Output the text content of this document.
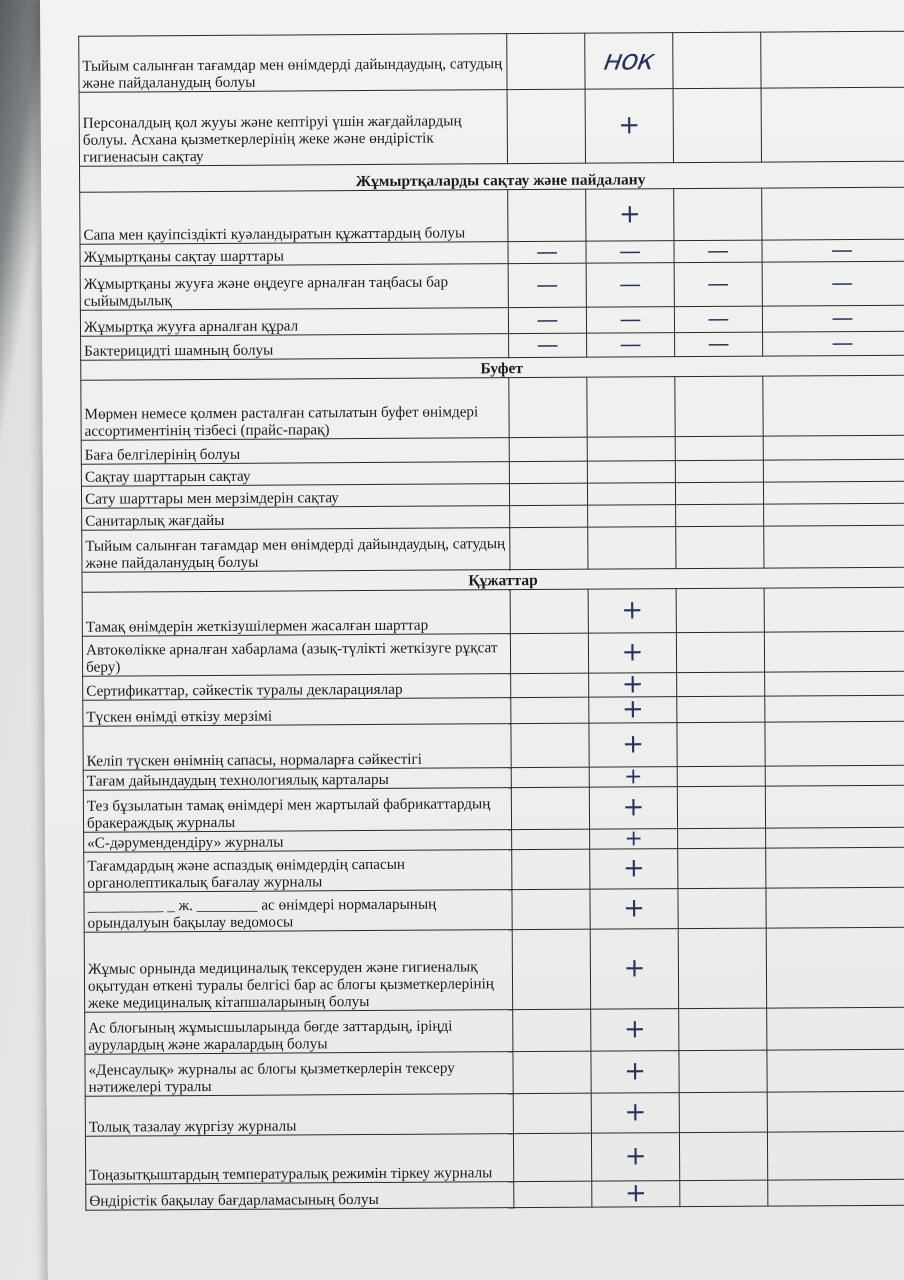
Тыйым салынған тағамдар мен өнімдерді дайындаудың, сатудың және пайдаланудың болуы		нок			
Персоналдың қол жууы және кептіруі үшін жағдайлардың болуы. Асхана қызметкерлерінің жеке және өндірістік гигиенасын сақтау		+			
Жұмыртқаларды сақтау және пайдалану					
Сапа мен қауіпсіздікті куәландыратын құжаттардың болуы		+			
Жұмыртқаны сақтау шарттары	—	—	—	—	
Жұмыртқаны жууға және өңдеуге арналған таңбасы бар сыйымдылық	—	—	—	—	
Жұмыртқа жууға арналған құрал	—	—	—	—	
Бактерицидті шамның болуы	—	—	—	—	
Буфет					
Мөрмен немесе қолмен расталған сатылатын буфет өнімдері ассортиментінің тізбесі (прайс-парақ)					
Баға белгілерінің болуы					
Сақтау шарттарын сақтау					
Сату шарттары мен мерзімдерін сақтау					
Санитарлық жағдайы					
Тыйым салынған тағамдар мен өнімдерді дайындаудың, сатудың және пайдаланудың болуы					
Құжаттар					
Тамақ өнімдерін жеткізушілермен жасалған шарттар		+			
Автокөлікке арналған хабарлама (азық-түлікті жеткізуге рұқсат беру)		+			
Сертификаттар, сәйкестік туралы декларациялар		+			
Түскен өнімді өткізу мерзімі		+			
Келіп түскен өнімнің сапасы, нормаларға сәйкестігі		+			
Тағам дайындаудың технологиялық карталары		+			
Тез бұзылатын тамақ өнімдері мен жартылай фабрикаттардың бракераждық журналы		+			
«С-дәрумендендіру» журналы		+			
Тағамдардың және аспаздық өнімдердің сапасын органолептикалық бағалау журналы		+			
__________ _ ж. ________ ас өнімдері нормаларының орындалуын бақылау ведомосы		+			
Жұмыс орнында медициналық тексеруден және гигиеналық оқытудан өткені туралы белгісі бар ас блогы қызметкерлерінің жеке медициналық кітапшаларының болуы		+			
Ас блогының жұмысшыларында бөгде заттардың, іріңді аурулардың және жаралардың болуы		+			
«Денсаулық» журналы ас блогы қызметкерлерін тексеру нәтижелері туралы		+			
Толық тазалау жүргізу журналы		+			
Тоңазытқыштардың температуралық режимін тіркеу журналы		+			
Өндірістік бақылау бағдарламасының болуы		+			
